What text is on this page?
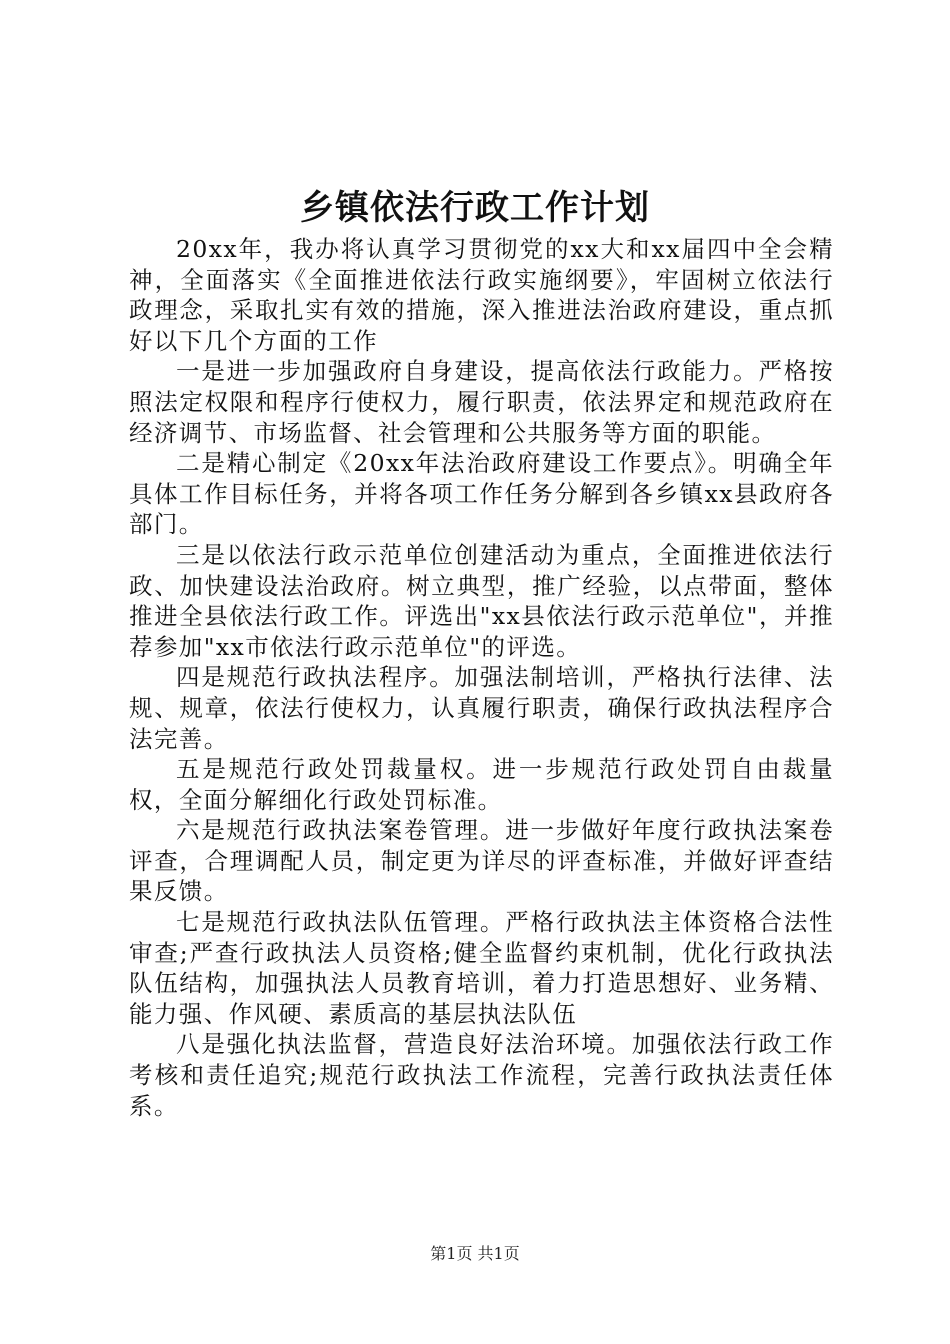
乡镇依法行政工作计划

20xx年，我办将认真学习贯彻党的xx大和xx届四中全会精神，全面落实《全面推进依法行政实施纲要》，牢固树立依法行政理念，采取扎实有效的措施，深入推进法治政府建设，重点抓好以下几个方面的工作

一是进一步加强政府自身建设，提高依法行政能力。严格按照法定权限和程序行使权力，履行职责，依法界定和规范政府在经济调节、市场监督、社会管理和公共服务等方面的职能。

二是精心制定《20xx年法治政府建设工作要点》。明确全年具体工作目标任务，并将各项工作任务分解到各乡镇xx县政府各部门。

三是以依法行政示范单位创建活动为重点，全面推进依法行政、加快建设法治政府。树立典型，推广经验，以点带面，整体推进全县依法行政工作。评选出"xx县依法行政示范单位"，并推荐参加"xx市依法行政示范单位"的评选。

四是规范行政执法程序。加强法制培训，严格执行法律、法规、规章，依法行使权力，认真履行职责，确保行政执法程序合法完善。

五是规范行政处罚裁量权。进一步规范行政处罚自由裁量权，全面分解细化行政处罚标准。

六是规范行政执法案卷管理。进一步做好年度行政执法案卷评查，合理调配人员，制定更为详尽的评查标准，并做好评查结果反馈。

七是规范行政执法队伍管理。严格行政执法主体资格合法性审查;严查行政执法人员资格;健全监督约束机制，优化行政执法队伍结构，加强执法人员教育培训，着力打造思想好、业务精、能力强、作风硬、素质高的基层执法队伍

八是强化执法监督，营造良好法治环境。加强依法行政工作考核和责任追究;规范行政执法工作流程，完善行政执法责任体系。

第1页 共1页
